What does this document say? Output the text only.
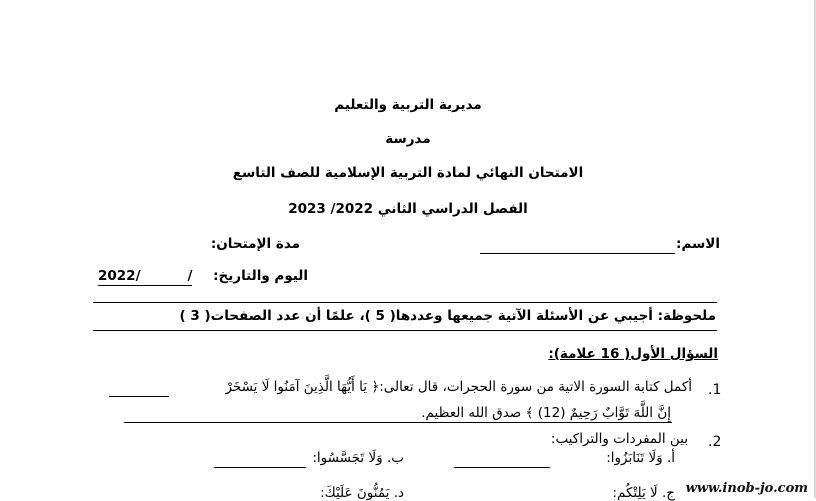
مديرية التربية والتعليم
مدرسة
الامتحان النهائي لمادة التربية الإسلامية للصف التاسع
الفصل الدراسي الثاني 2022/ 2023
الاسم:
مدة الإمتحان:
اليوم والتاريخ:
2022/          /
ملحوظة: أجيبي عن الأسئلة الآتية جميعها وعددها( 5 )، علمًا أن عدد الصفحات( 3 )
السؤال الأول( 16 علامة):
.1
أكمل كتابة السورة الاتية من سورة الحجرات، قال تعالى:﴿ يَا أَيُّهَا الَّذِينَ آمَنُوا لَا يَسْخَرْ
إِنَّ اللَّهَ تَوَّابٌ رَحِيمٌ (12) ﴾ صدق الله العظيم.
.2
بين المفردات والتراكيب:
أ. وَلَا تَنَابَزُوا:
ب. وَلَا تَجَسَّسُوا:
ج. لَا يَلِتْكُم:
د. يَمُنُّونَ عَلَيْكَ:	www.inob-jo.com
